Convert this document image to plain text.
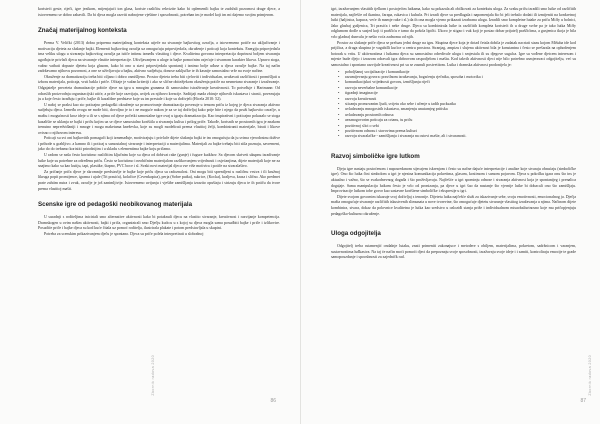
koristeći geste, riječi, igre jezikom, mijenjajući ton glasa, koriste različitu rekvizite kako bi oplemenili bajku te zadržali pozornost druge djece, a istovremeno se dobro zabavili. Da bi djeca mogla razviti nabrojene vještine i sposobnosti, potreban im je model koji im mi dajemo svojim primjerom.

Značaj materijalnog konteksta

Prema V. Velički (2013) dobra pripremа materijalnog konteksta utječe na stvaranje bajkovitog ozračja, a istovremeno potiče na uključivanje i motivaciju djeteta za slušanje bajki. Elementi bajkovitog ozračja uz omogućuju pripovijedača, okruženje i poticaji koja kontekstu. Energija pripovjedača trna veliku ulogu u stvaranju bajkovitog ozračja pa ističe intimu između vlastitog i djece. Kvalitetna govorna interpretacija doprinosi boljem stvaranju ugođaja te privlači djecu na stvaranje vlastite interpretacije. Uživljavanjem u ulogе iz bajke pomoćnim osjećaje i stvarnom karakter likova. Upravo stoga, važno vatbati dopuste djetetu koja glasom, kako bi ono u stavi pripovijedala spontanij i iznimo bolje uđuse u djeca ozračje bajke. Na taj način zadržavamo njihovu pozornost, a one se uživljavaju u bajku, aktivno sudjeluju, donose zaključke te ih kasnije samostalno vrše na svoje načine.

Okruženje za dramatizaciju treba biti ciljano i dobro osmišljeno. Prostor djeteta treba biti cjeloviti i individualan, uvažavati različitosti i promišljati u izboru materijala, poticaja, vrsti bakla i priče. Očitaje je važan kriteriji i ako se slične obitežjekom okruženja potiče na nesmetano stvaranje i izražavanje. Odgajatelje preceteta dramatizacije pobiće djece na igru u mnogim granama ili samostalno istraživanje kreativnosti. To potvrđuje i Hartmann: Od odraslih proizvodnja organizacijski utiće, a priče koje razvijaju, uvijek za njihovo kreacije. Saditjaji mada zbiruje njihovih iskustava i strasti, povezujaju ju a koje često izrađuju i priče, bajke ili kazališne predstave koje su im prestale i koje su doživjeli (Hicela 2010: 52).

U našoj se praksi kao sto poticajno pedagoški okruženje uz promoviranje dramatizacija povezuje u temom priču iz kojeg je djeca stvaranja aktivno sudjeluju djeca. Između ovoga ne može biti, dovoljno je to i ne moguće nakon je za se taj doživljaj kako prije bite i njego da pruži bajkovito ozračje, u maštu i mogućnosti kroz ideje u ili se s njima od djece početki samostalne igre ovaj u igraju dramatizaciju. Kao inspirativni i poticajno pokazalo se stoga kazalište se uklanja se bajki i priču kojim uz se djece samostalno korištila u stvaranju kulisu i prilog priče. Takođe, korisnih se prostornih igra je znakom trenutno nepredviđaniji i mnoge i mogu maketama kneževka, koje su mogli modelirati prema vlastitoj želji, kombiniranti materijale, birati i likove ovisno o njihovom interesu.

Poticaji su svi oni bajkovitih pomagači koji izmenađuje, motivirajuju i privlače dijete slušanju bajki te im omogućuju da ju svima vjerodostnu doživе i prihode u grabljivo. a kamno ili i poticaj u samostalnоj stvaranje i interpretaciji u materijalima. Materijali za bajke trebaju biti stila poznaju, savremeni, jako do do trebamo koristiti prirodnijim i u skladu s elementima bajke koju pričamo.

U radom se naša često koristimo različitim ključnim koje su djeca od dobivat rake (gunje) i fugure kutkhov. Sa djecom skriveti ukupnu izradivanje lutke koje su potrebne za određenu priču. Često se koristimo i neobičnim materijalom razlikovanjem vrijednosti i osjećanjima, dijete materijali koje ne za snajimo kako su kao kutiju, tapi, plastike, štapno, PVC bocе i sl. Svaki novi materijal djeca vse više motivira i potiče na stvaralaštvo.

Za pričanje priča djece je skromnije predstavlje te bajke koje priču djeca su radoznalost. Oni mogu biti sprentljeni u različnu vrstva i ili kružnoj likruga popit promijence, igrama i ujale (Tri prasića), kolačice (Crvenkapica), perja (Sobre putka), sukrice, (Kocka), kraljeva, krasa i slično. Ako predmet prate zahtim nutra i zvuk, ozračje je još zanimljivije. Istovremeno uvijanju i vještbe zamišljanja izrazito opuštaju i strizuju djecu te ih potiču da tvore prema vlastitoj mašti.

Scenske igre od pedagoški neobikovanog materijala

U suradnji s roditeljima iniciriali smo alternative aktivnosti kako bi potaknuli djecu na vlastito stvaranje, kreativnost i razvijanje kompetencija. Dramskogen u ovim našim aktivnosti, bajki i priča, organizirali smo Dječju kućicu u s kojoj su djeca mogla sama posudbiti bajke i priče i izlikovire. Posudiće priče i bajke djeca su kod kuće čitala uz pomoć roditelja, ilustrirala plakate i potom predstavljala u skupini.

Potreba za scenskim prikazivanjem dječu je spontano. Djeca su priče polela interpretirati u slobodnoj

86

igri, izražavanjem vlastitih tjelkom i postojećim lutkama, kako su pokazala ali obilkovati za kontekstu uloga. Za svaku priču izradili smo lutke od različitih materijala, najčešće od tkanina, čarapa, rukavica i kuhača. Pri izradi djece su predlagala i napomenjala što bi jeli trebalo dodati ili izmijeniti na konkretnoj lutki (haljinica, kapuca, veće ih mamje ruke i sl.) da ih ona mogla vjerno prikazati izrabrana ulogu. Izradili smo kompletne lutake za priču Miffy u bolnici, Jako glasbaj gušjenica, Tri prasića i neke druge. Djeca su kombinirala lutke iz različitih kompleta koristeći ih u druge svrhe pa je tako lutka Miffy odglumom dodle u susjed koji ti praščiću e tamo da pošola lipičti. Ukoro je stigao i vuk koji je postao dobar prijatelj praščićima, a gusjenica tkoja je bila vrlo gladna) dunvalu je nešto voća zadnomu od njih.

Prostor za slušanje priče djeca se preluzu jedni druge na igru. Skupina djece koja je dotad četala dobila je zadatak nacrtati stazu kojom Mišuba ide kod prijilica, a druga skupina je vagabilli kućice u centru prostora. Stranjag, ampizu i slujena aktivnost bila je konstantna i često se prešarala na ophodenjem botorak u vrtiu. U aktivnostima i lutkama djeca su samostalno odredivale ulogu i smjestala ili su djegove sugalca. Igre su vođene djetcem interesom i mjeste bude djejo i izrazom odravali igra dobrovom raspodjelom i maštu. Kod takvih aktivnosti djeci nije bilo potrebno usmjeravaci odgojitelju, već su samostalno i spontano razvijale kreativnost pri su se zasnuli postvetitom. Lutka i dramska aktivnost prodonijela je:

• pobolјšanoј socijalizacije i komunikacije
• razumijevanju govora: pravilnom izražavanju, bogaćenju rječnika, sposoba i motorika i
• komunikacijskоі vrijednosti govoru, izmišljanju riječi
• razvoju neverbalne komunikacije
• tigradnji imaginacije
• razvoju kreativnosti
• sticanju promovanim ljudi, svijetu oko sebe i učenje u tadih pucksatka
• uvladavanju mnogostrih iskustava, smanjenju unutarnjeg pritiska
• uvladavanju prostornih odnosa
• aezanogovorim poticaju za crtanu, tu priču
• pozitivnoj slici o sebi
• pozitivnom odnosu i stavovima prema kulturi
• razvoju stvaralačke - zamišljanja i stvaranja na ostovi mašte, ali i stvaranosti.
Razvoj simboličke igre lutkom

Djeju igre nastaju postoćenom i naposredanom stjecajem iskrenjom i često su načne dajuće interpretacije i analize koje stvaraju obnaćaju (simboličke igre). Ono što lutka čini simbolom u igri je njezina komunikacija pokretima, glasom, kostimom i samom pojavom. Djeca u pokrilku igara onu što ins je aktualno i važno, što se svakodnevnog događa i što proživljavaju. Najčešće u igri spominju odnose i stvaranja aktivnost koja je spontanijeg i prenalica doga|aje. Sama manipulacija lutkom često je vrlo od pronizanja, pa djece u igri šao da nastanje što vjernije lutke bi dobacali ono što zamišljaju. Improvizacije lutkom tobe govor kao sastavne korištenе simboličke i ekspresije u igri.

Dijete svojom govornim iskazuje svoj doživljaj s tenonije. Dijetetu lutka najčešće služi za iskazivanje sebe, svoju emotivnosti, emocionalnog ja. Dječja mašta omogućuje stvaranje različitih iskustvenih slimunata u nove tvorevine, što omogućuje djetetu stvaranje vlastitog izražavanja u njima. Načinom dijete kombinira, stvara, dokaz da polovnice kvalitetna je lutka kao sredstvo u ozloziđi stanja priže i individualnom misaobalisrtnosno koje mu pričopjenjuju pedagoško-kulturno okruženje.

Uloga odgojitelja

Odgojitelj treba rutamenjić ondalnje lutaku, znati primeniti zakonajuce i metodere s obiljem, materijalima, pokretom, sadržnicom i varanjem, sustavnostima luđkastva. Na taj će način moći pomoći djeci da prepoznaju svoje sposobnosti, izražavaju svoje ideje i i samiti, kontroliraju emocije te grade samopouzdanje i spoosbnosti za zajedničk rad.

87
Zbornik radova 2020	Zbornik radova 2020
